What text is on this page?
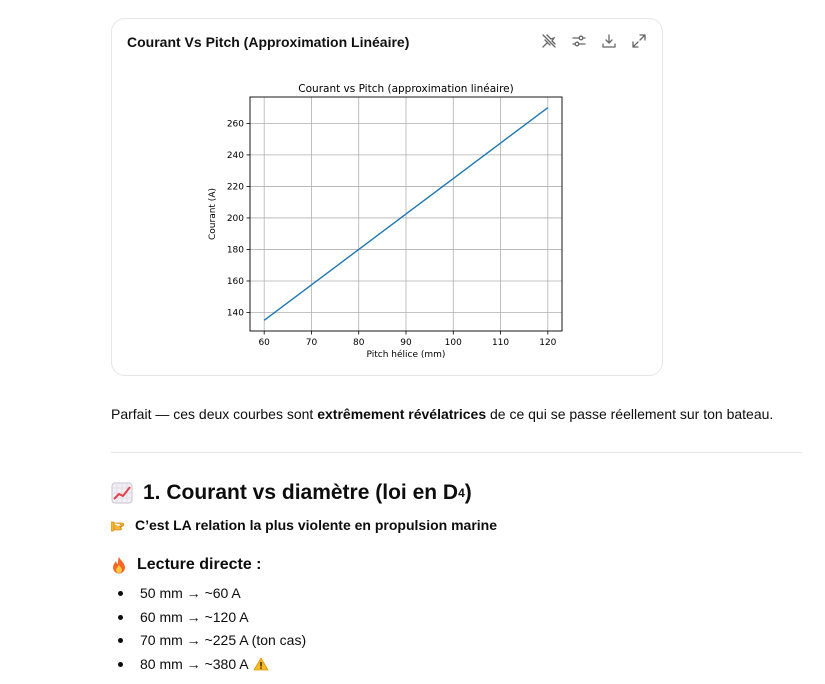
Courant Vs Pitch (Approximation Linéaire)
60	70	80	90	100	110	120
140
160
180
200
220
240
260
Courant vs Pitch (approximation linéaire)
Pitch hélice (mm)
Courant (A)
Parfait — ces deux courbes sont extrêmement révélatrices de ce qui se passe réellement sur ton bateau.
1. Courant vs diamètre (loi en D 4 )
C’est LA relation la plus violente en propulsion marine
Lecture directe :
50 mm → ~60 A
60 mm → ~120 A
70 mm → ~225 A (ton cas)
80 mm → ~380 A
